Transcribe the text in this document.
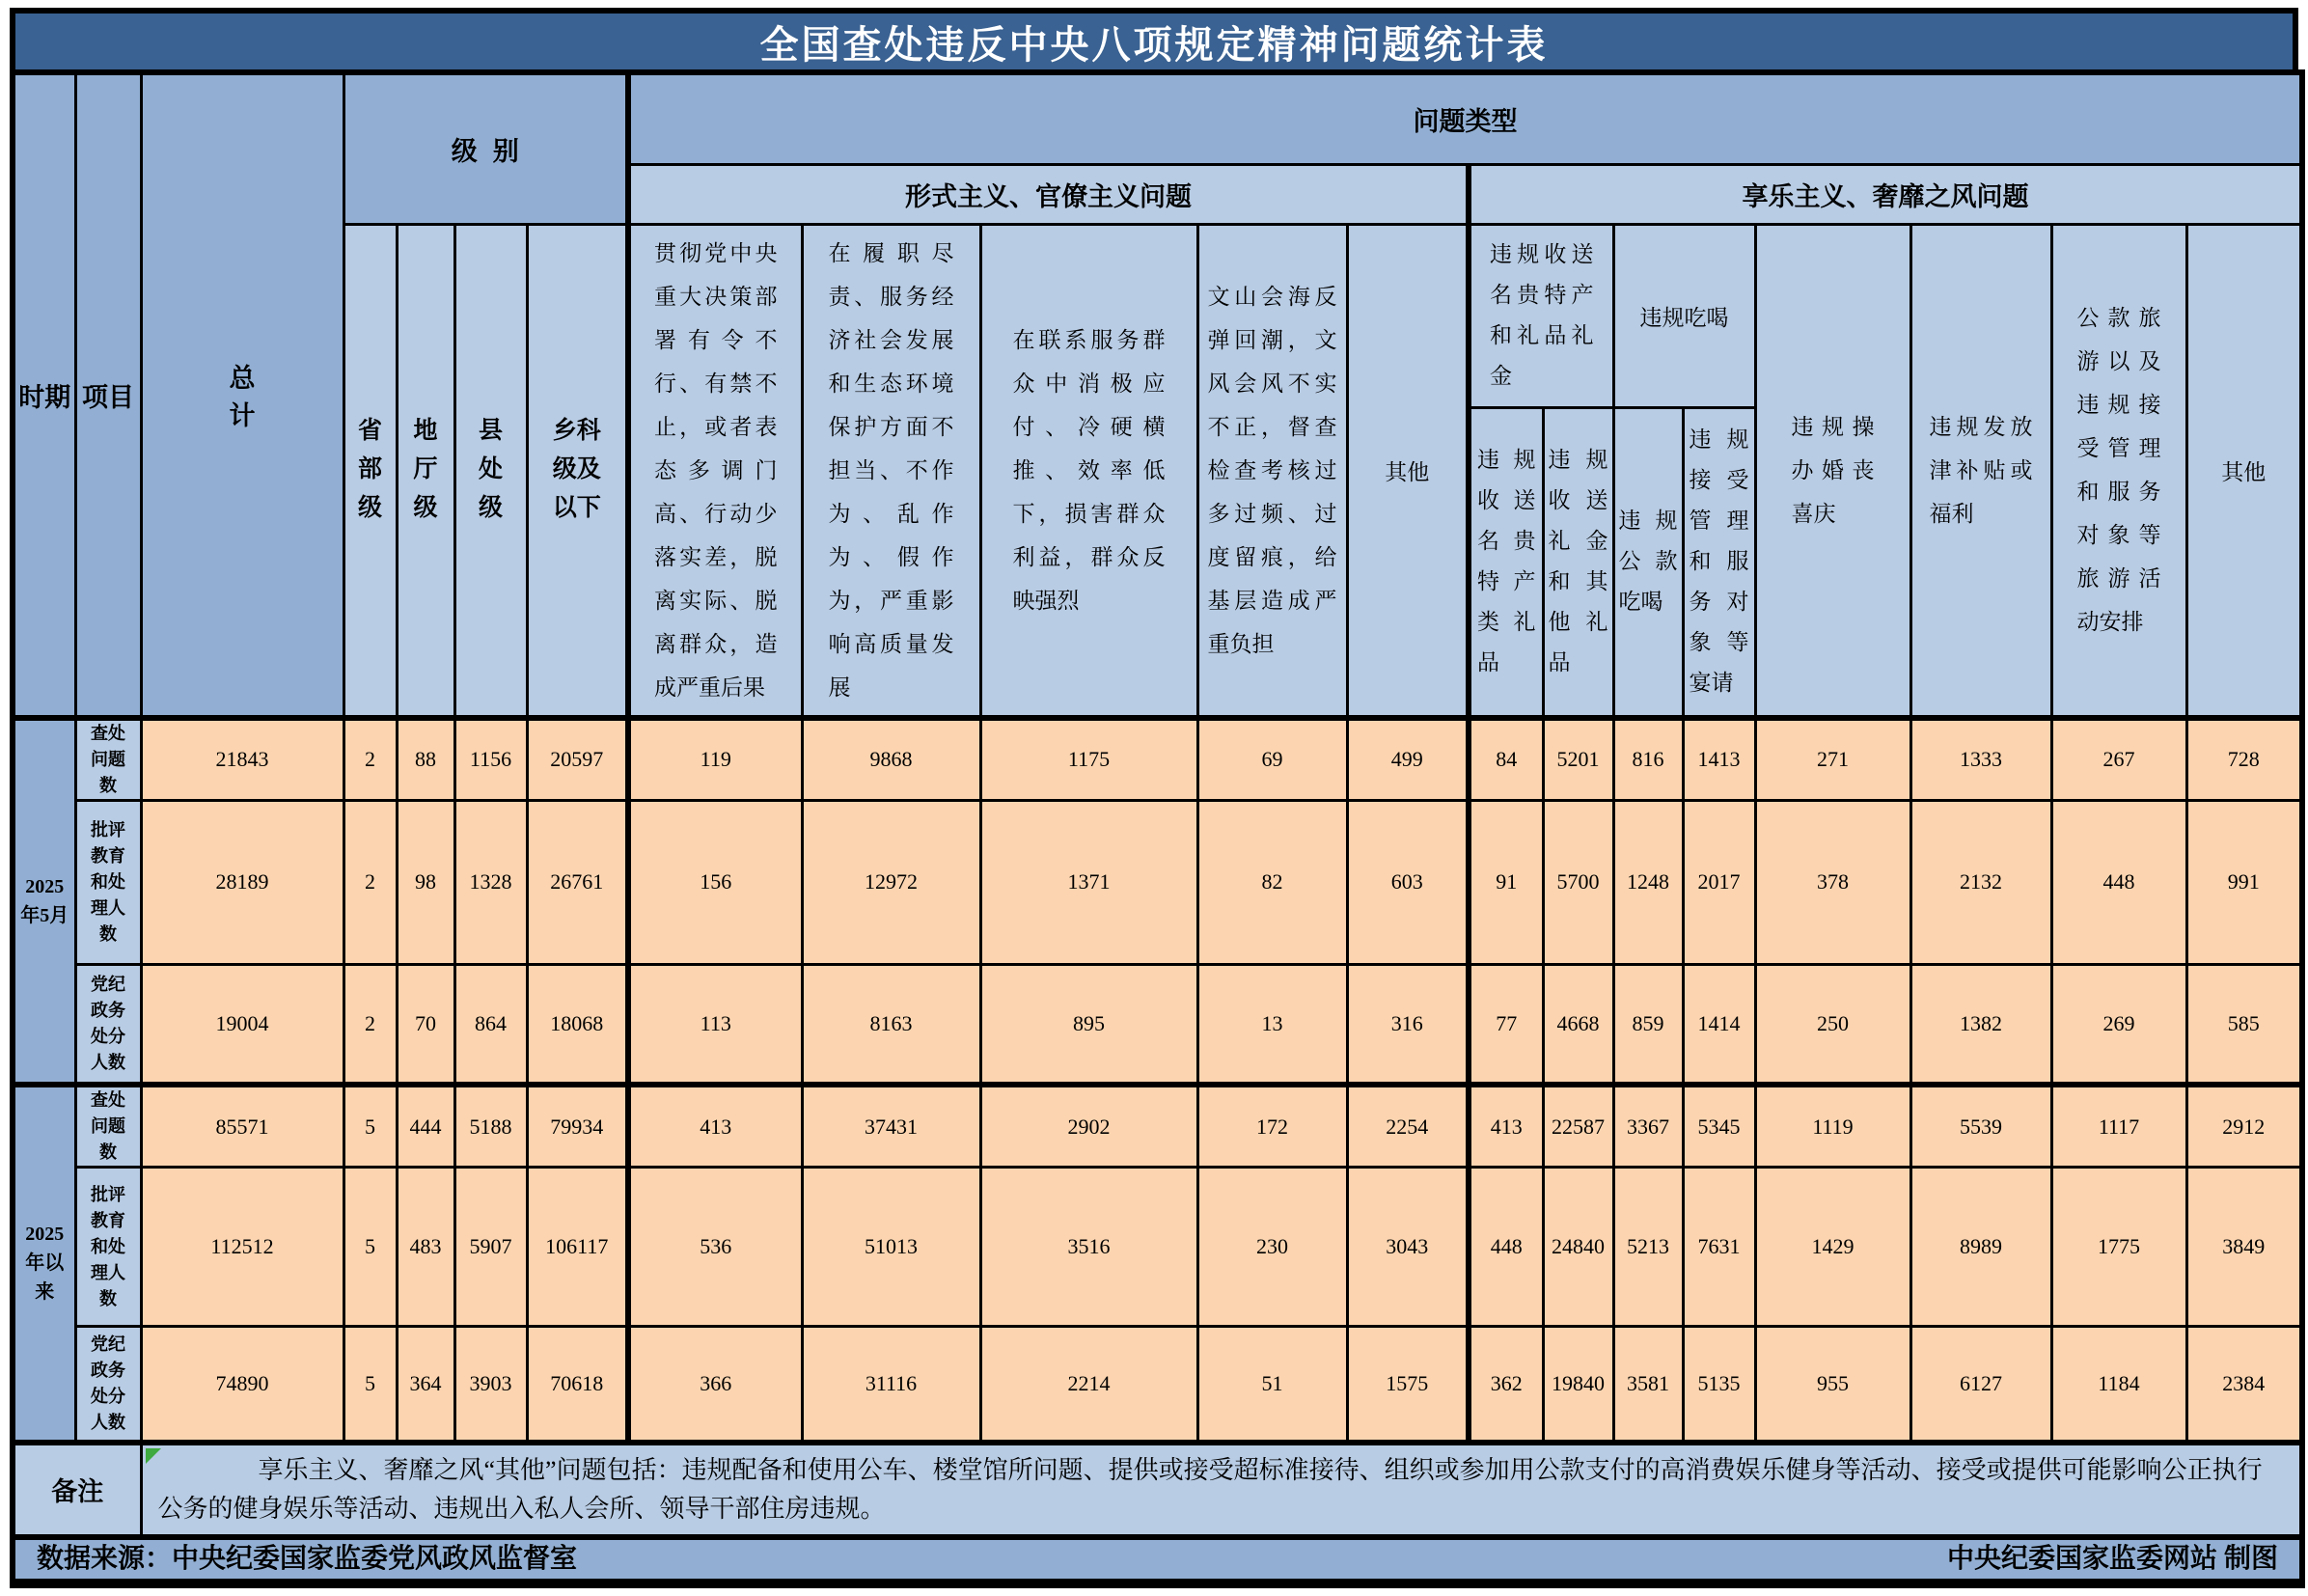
全国查处违反中央八项规定精神问题统计表
时期	项目	总计	级别				问题类型												
							形式主义、官僚主义问题					享乐主义、奢靡之风问题							
			省部级	地厅级	县处级	乡科级及以下	贯彻党中央重大决策部署有令不行、有禁不止，或者表态多调门高、行动少落实差，脱离实际、脱离群众，造成严重后果	在履职尽责、服务经济社会发展和生态环境保护方面不担当、不作为、乱作为、假作为，严重影响高质量发展	在联系服务群众中消极应付、冷硬横推、效率低下，损害群众利益，群众反映强烈	文山会海反弹回潮，文风会风不实不正，督查检查考核过多过频、过度留痕，给基层造成严重负担	其他	违规收送名贵特产和礼品礼金		违规吃喝		违规操办婚丧喜庆	违规发放津补贴或福利	公款旅游以及违规接受管理和服务对象等旅游活动安排	其他
												违规收送名贵特产类礼品	违规收送礼金和其他礼品	违规公款吃喝	违规接受管理和服务对象等宴请				
2025年5月	查处问题数	21843	2	88	1156	20597	119	9868	1175	69	499	84	5201	816	1413	271	1333	267	728
	批评教育和处理人数	28189	2	98	1328	26761	156	12972	1371	82	603	91	5700	1248	2017	378	2132	448	991
	党纪政务处分人数	19004	2	70	864	18068	113	8163	895	13	316	77	4668	859	1414	250	1382	269	585
2025年以来	查处问题数	85571	5	444	5188	79934	413	37431	2902	172	2254	413	22587	3367	5345	1119	5539	1117	2912
	批评教育和处理人数	112512	5	483	5907	106117	536	51013	3516	230	3043	448	24840	5213	7631	1429	8989	1775	3849
	党纪政务处分人数	74890	5	364	3903	70618	366	31116	2214	51	1575	362	19840	3581	5135	955	6127	1184	2384
备注		享乐主义、奢靡之风“其他”问题包括：违规配备和使用公车、楼堂馆所问题、提供或接受超标准接待、组织或参加用公款支付的高消费娱乐健身等活动、接受或提供可能影响公正执行公务的健身娱乐等活动、违规出入私人会所、领导干部住房违规。																	

中央纪委国家监委网站 制图
数据来源：中央纪委国家监委党风政风监督室																			
